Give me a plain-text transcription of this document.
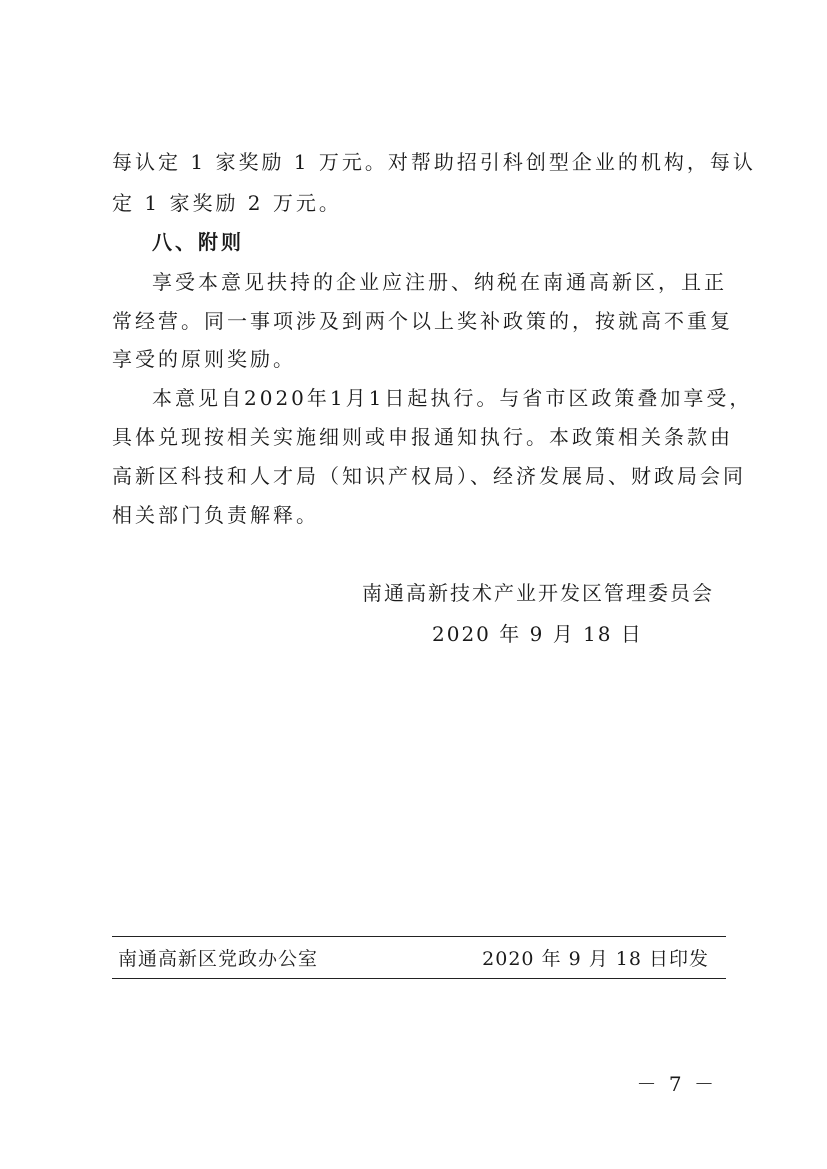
每认定 1 家奖励 1 万元。对帮助招引科创型企业的机构，每认
定 1 家奖励 2 万元。
八、附则
享受本意见扶持的企业应注册、纳税在南通高新区，且正
常经营。同一事项涉及到两个以上奖补政策的，按就高不重复
享受的原则奖励。
本意见自2020年1月1日起执行。与省市区政策叠加享受，
具体兑现按相关实施细则或申报通知执行。本政策相关条款由
高新区科技和人才局（知识产权局）、经济发展局、财政局会同
相关部门负责解释。
南通高新技术产业开发区管理委员会
2020 年 9 月 18 日
南通高新区党政办公室	2020 年 9 月 18 日印发
－ 7 －
